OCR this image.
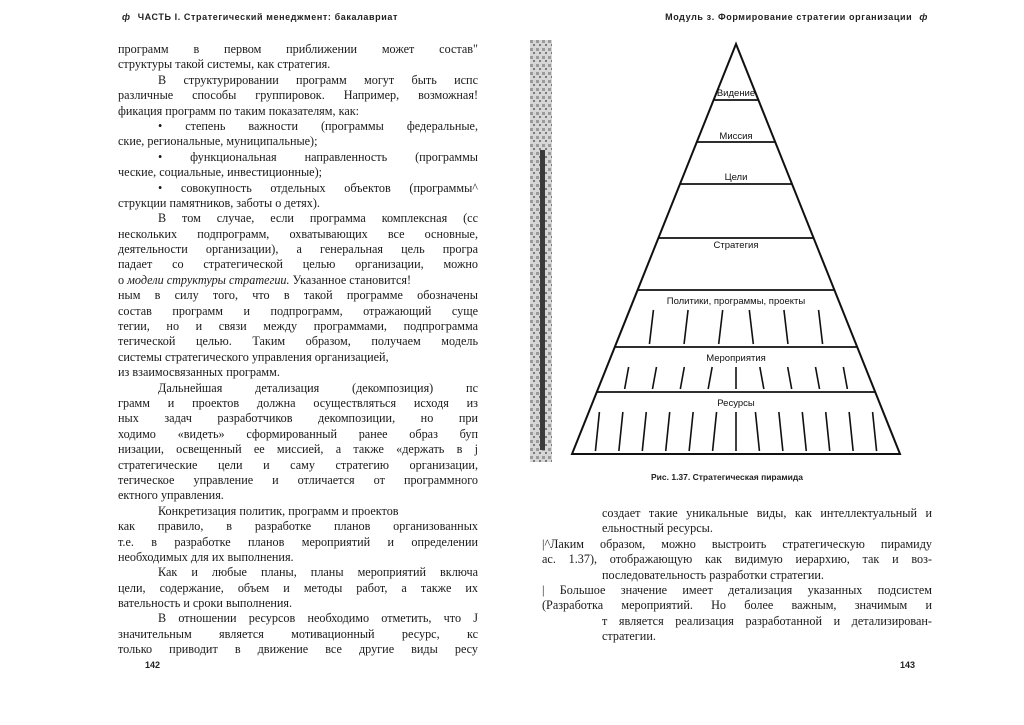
ф ЧАСТЬ I. Стратегический менеджмент: бакалавриат
программ в первом приближении может состав"
структуры такой системы, как стратегия.
В структурировании программ могут быть испс
различные способы группировок. Например, возможная!
фикация программ по таким показателям, как:
• степень важности (программы федеральные,
ские, региональные, муниципальные);
• функциональная направленность (программы
ческие, социальные, инвестиционные);
• совокупность отдельных объектов (программы^
струкции памятников, заботы о детях).
В том случае, если программа комплексная (сс
нескольких подпрограмм, охватывающих все основные,
деятельности организации), а генеральная цель програ
падает со стратегической целью организации, можно
о модели структуры стратегии. Указанное становится!
ным в силу того, что в такой программе обозначены
состав программ и подпрограмм, отражающий суще
тегии, но и связи между программами, подпрограмма
тегической целью. Таким образом, получаем модель
системы стратегического управления организацией,
из взаимосвязанных программ.
Дальнейшая детализация (декомпозиция) пс
грамм и проектов должна осуществляться исходя из
ных задач разработчиков декомпозиции, но при
ходимо «видеть» сформированный ранее образ буп
низации, освещенный ее миссией, а также «держать в j
стратегические цели и саму стратегию организации,
тегическое управление и отличается от программного
ектного управления.
Конкретизация политик, программ и проектов
как правило, в разработке планов организованных
т.е. в разработке планов мероприятий и определении
необходимых для их выполнения.
Как и любые планы, планы мероприятий включа
цели, содержание, объем и методы работ, а также их
вательность и сроки выполнения.
В отношении ресурсов необходимо отметить, что J
значительным является мотивационный ресурс, кс
только приводит в движение все другие виды ресу
142
Модуль з. Формирование стратегии организации ф
Видение
Миссия
Цели
Стратегия
Политики, программы, проекты
Мероприятия
Ресурсы
Рис. 1.37. Стратегическая пирамида
создает такие уникальные виды, как интеллектуальный и
ельностный ресурсы.
|^Лаким образом, можно выстроить стратегическую пирамиду
ас. 1.37), отображающую как видимую иерархию, так и воз-
последовательность разработки стратегии.
| Большое значение имеет детализация указанных подсистем
(Разработка мероприятий. Но более важным, значимым и
т является реализация разработанной и детализирован-
стратегии.
143
